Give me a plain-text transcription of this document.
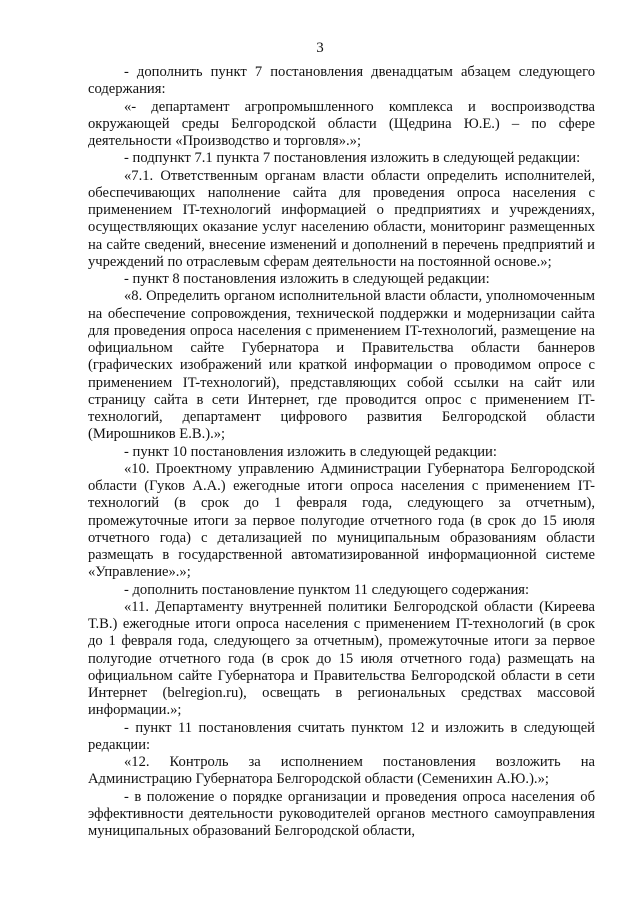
3

- дополнить пункт 7 постановления двенадцатым абзацем следующего содержания:

«- департамент агропромышленного комплекса и воспроизводства окружающей среды Белгородской области (Щедрина Ю.Е.) – по сфере деятельности «Производство и торговля».»;

- подпункт 7.1 пункта 7 постановления изложить в следующей редакции:

«7.1. Ответственным органам власти области определить исполнителей, обеспечивающих наполнение сайта для проведения опроса населения с применением IT-технологий информацией о предприятиях и учреждениях, осуществляющих оказание услуг населению области, мониторинг размещенных на сайте сведений, внесение изменений и дополнений в перечень предприятий и учреждений по отраслевым сферам деятельности на постоянной основе.»;

- пункт 8 постановления изложить в следующей редакции:

«8. Определить органом исполнительной власти области, уполномоченным на обеспечение сопровождения, технической поддержки и модернизации сайта для проведения опроса населения с применением IT-технологий, размещение на официальном сайте Губернатора и Правительства области баннеров (графических изображений или краткой информации о проводимом опросе с применением IT-технологий), представляющих собой ссылки на сайт или страницу сайта в сети Интернет, где проводится опрос с применением IT-технологий, департамент цифрового развития Белгородской области (Мирошников Е.В.).»;

- пункт 10 постановления изложить в следующей редакции:

«10. Проектному управлению Администрации Губернатора Белгородской области (Гуков А.А.) ежегодные итоги опроса населения с применением IT-технологий (в срок до 1 февраля года, следующего за отчетным), промежуточные итоги за первое полугодие отчетного года (в срок до 15 июля отчетного года) с детализацией по муниципальным образованиям области размещать в государственной автоматизированной информационной системе «Управление».»;

- дополнить постановление пунктом 11 следующего содержания:

«11. Департаменту внутренней политики Белгородской области (Киреева Т.В.) ежегодные итоги опроса населения с применением IT-технологий (в срок до 1 февраля года, следующего за отчетным), промежуточные итоги за первое полугодие отчетного года (в срок до 15 июля отчетного года) размещать на официальном сайте Губернатора и Правительства Белгородской области в сети Интернет (belregion.ru), освещать в региональных средствах массовой информации.»;

- пункт 11 постановления считать пунктом 12 и изложить в следующей редакции:

«12. Контроль за исполнением постановления возложить на Администрацию Губернатора Белгородской области (Семенихин А.Ю.).»;

- в положение о порядке организации и проведения опроса населения об эффективности деятельности руководителей органов местного самоуправления муниципальных образований Белгородской области,
